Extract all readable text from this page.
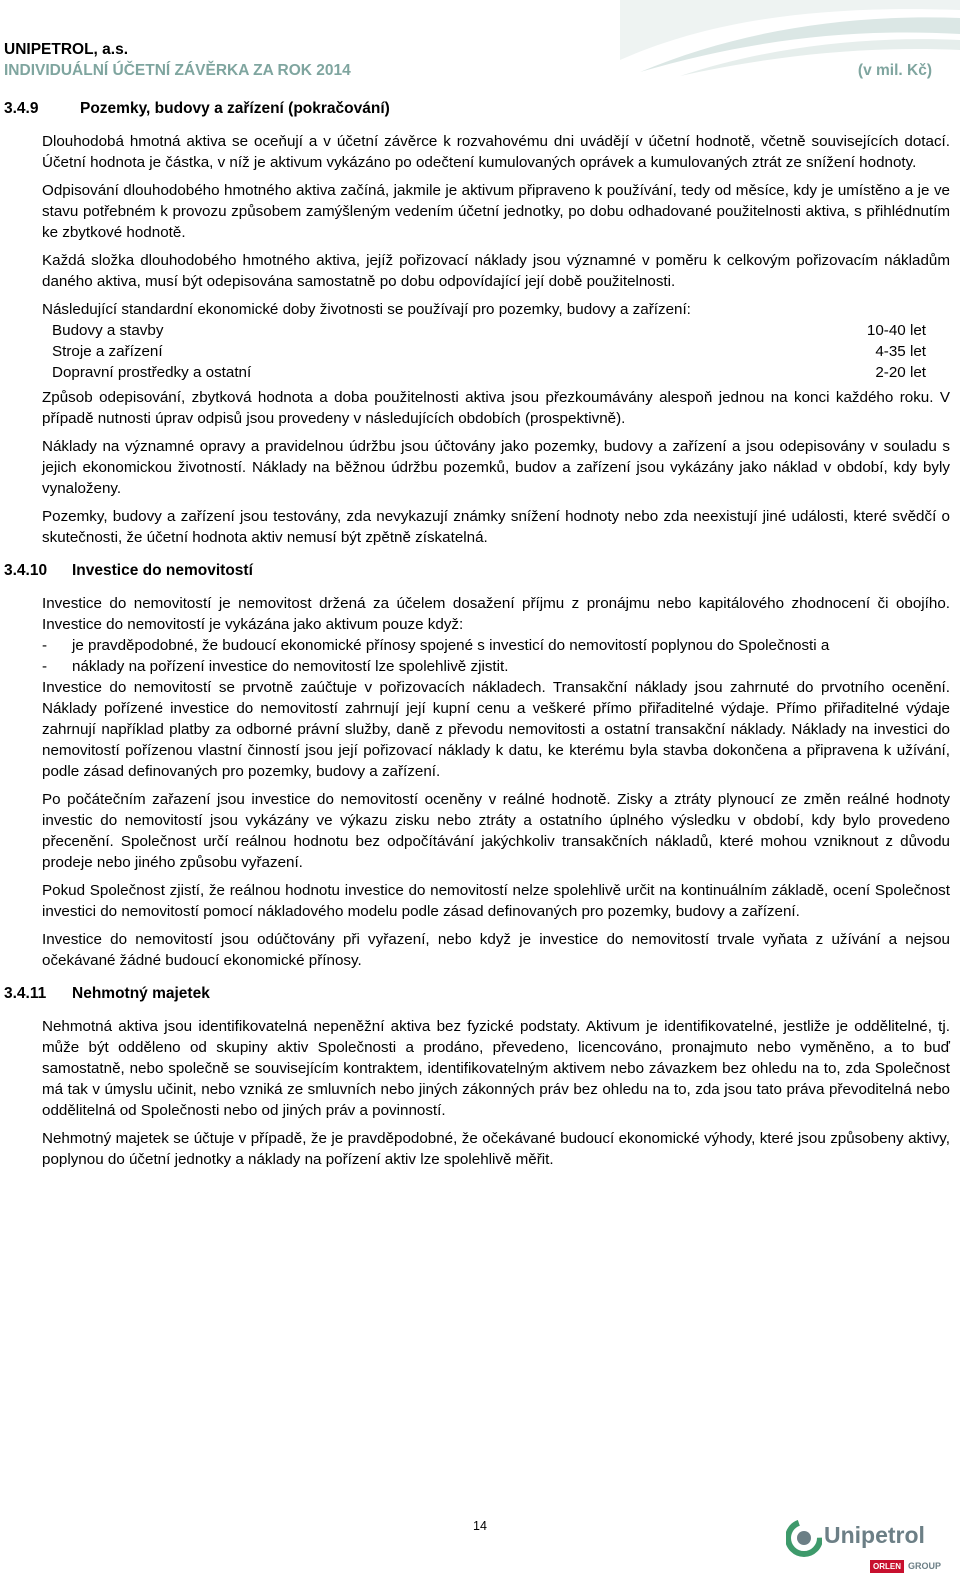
UNIPETROL, a.s.
INDIVIDUÁLNÍ ÚČETNÍ ZÁVĚRKA ZA ROK 2014	(v mil. Kč)
3.4.9	Pozemky, budovy a zařízení (pokračování)

Dlouhodobá hmotná aktiva se oceňují a v účetní závěrce k rozvahovému dni uvádějí v účetní hodnotě, včetně souvisejících dotací. Účetní hodnota je částka, v níž je aktivum vykázáno po odečtení kumulovaných oprávek a kumulovaných ztrát ze snížení hodnoty.

Odpisování dlouhodobého hmotného aktiva začíná, jakmile je aktivum připraveno k používání, tedy od měsíce, kdy je umístěno a je ve stavu potřebném k provozu způsobem zamýšleným vedením účetní jednotky, po dobu odhadované použitelnosti aktiva, s přihlédnutím ke zbytkové hodnotě.

Každá složka dlouhodobého hmotného aktiva, jejíž pořizovací náklady jsou významné v poměru k celkovým pořizovacím nákladům daného aktiva, musí být odepisována samostatně po dobu odpovídající její době použitelnosti.

Následující standardní ekonomické doby životnosti se používají pro pozemky, budovy a zařízení:

Budovy a stavby	10-40 let
Stroje a zařízení	4-35 let
Dopravní prostředky a ostatní	2-20 let

Způsob odepisování, zbytková hodnota a doba použitelnosti aktiva jsou přezkoumávány alespoň jednou na konci každého roku. V případě nutnosti úprav odpisů jsou provedeny v následujících obdobích (prospektivně).

Náklady na významné opravy a pravidelnou údržbu jsou účtovány jako pozemky, budovy a zařízení a jsou odepisovány v souladu s jejich ekonomickou životností. Náklady na běžnou údržbu pozemků, budov a zařízení jsou vykázány jako náklad v období, kdy byly vynaloženy.

Pozemky, budovy a zařízení jsou testovány, zda nevykazují známky snížení hodnoty nebo zda neexistují jiné události, které svědčí o skutečnosti, že účetní hodnota aktiv nemusí být zpětně získatelná.

3.4.10	Investice do nemovitostí

Investice do nemovitostí je nemovitost držená za účelem dosažení příjmu z pronájmu nebo kapitálového zhodnocení či obojího. Investice do nemovitostí je vykázána jako aktivum pouze když:

-	je pravděpodobné, že budoucí ekonomické přínosy spojené s investicí do nemovitostí poplynou do Společnosti a
-	náklady na pořízení investice do nemovitostí lze spolehlivě zjistit.

Investice do nemovitostí se prvotně zaúčtuje v pořizovacích nákladech. Transakční náklady jsou zahrnuté do prvotního ocenění. Náklady pořízené investice do nemovitostí zahrnují její kupní cenu a veškeré přímo přiřaditelné výdaje. Přímo přiřaditelné výdaje zahrnují například platby za odborné právní služby, daně z převodu nemovitosti a ostatní transakční náklady. Náklady na investici do nemovitostí pořízenou vlastní činností jsou její pořizovací náklady k datu, ke kterému byla stavba dokončena a připravena k užívání, podle zásad definovaných pro pozemky, budovy a zařízení.

Po počátečním zařazení jsou investice do nemovitostí oceněny v reálné hodnotě. Zisky a ztráty plynoucí ze změn reálné hodnoty investic do nemovitostí jsou vykázány ve výkazu zisku nebo ztráty a ostatního úplného výsledku v období, kdy bylo provedeno přecenění. Společnost určí reálnou hodnotu bez odpočítávání jakýchkoliv transakčních nákladů, které mohou vzniknout z důvodu prodeje nebo jiného způsobu vyřazení.

Pokud Společnost zjistí, že reálnou hodnotu investice do nemovitostí nelze spolehlivě určit na kontinuálním základě, ocení Společnost investici do nemovitostí pomocí nákladového modelu podle zásad definovaných pro pozemky, budovy a zařízení.

Investice do nemovitostí jsou odúčtovány při vyřazení, nebo když je investice do nemovitostí trvale vyňata z užívání a nejsou očekávané žádné budoucí ekonomické přínosy.

3.4.11	Nehmotný majetek

Nehmotná aktiva jsou identifikovatelná nepeněžní aktiva bez fyzické podstaty. Aktivum je identifikovatelné, jestliže je oddělitelné, tj. může být odděleno od skupiny aktiv Společnosti a prodáno, převedeno, licencováno, pronajmuto nebo vyměněno, a to buď samostatně, nebo společně se souvisejícím kontraktem, identifikovatelným aktivem nebo závazkem bez ohledu na to, zda Společnost má tak v úmyslu učinit, nebo vzniká ze smluvních nebo jiných zákonných práv bez ohledu na to, zda jsou tato práva převoditelná nebo oddělitelná od Společnosti nebo od jiných práv a povinností.

Nehmotný majetek se účtuje v případě, že je pravděpodobné, že očekávané budoucí ekonomické výhody, které jsou způsobeny aktivy, poplynou do účetní jednotky a náklady na pořízení aktiv lze spolehlivě měřit.

14	Unipetrol
ORLEN GROUP
